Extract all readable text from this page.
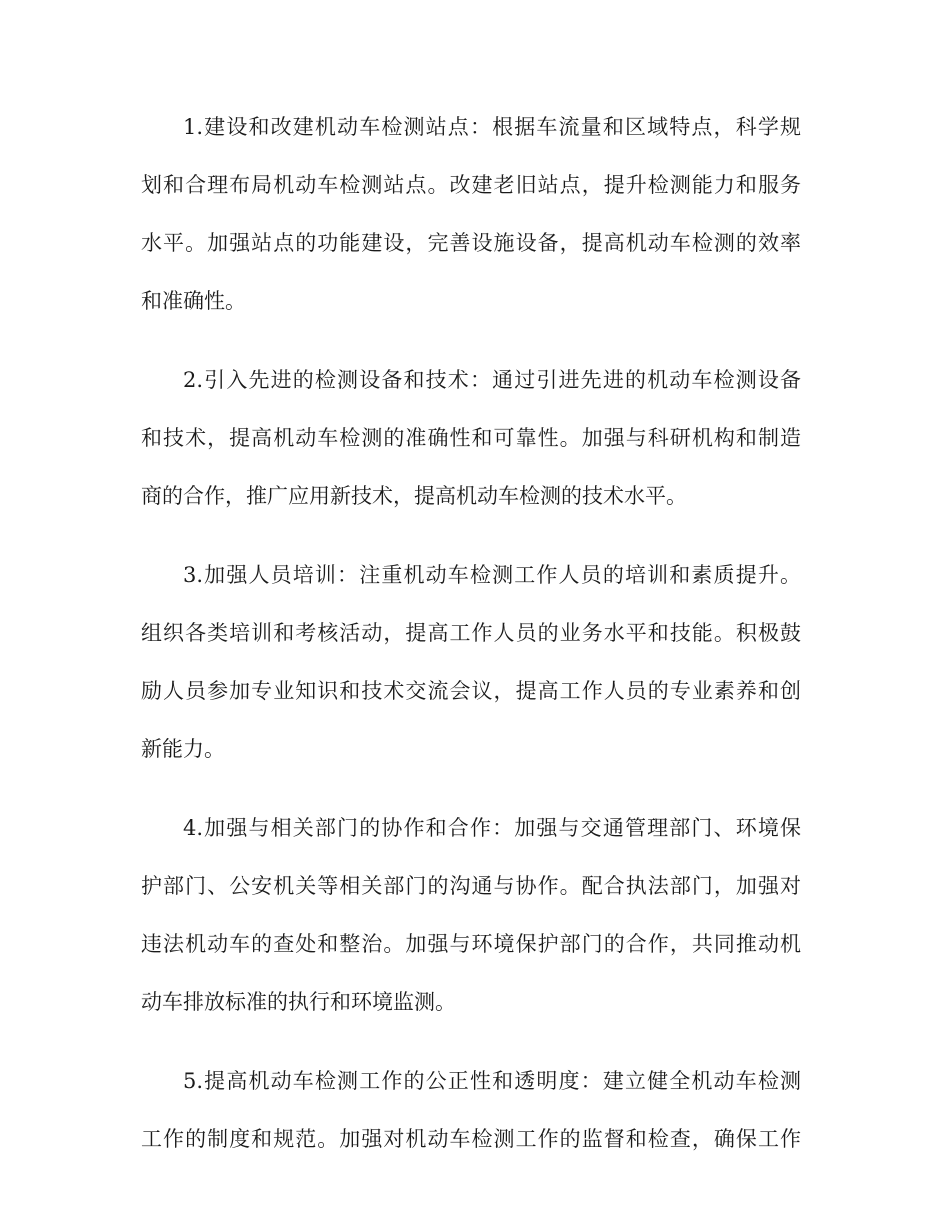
1.建设和改建机动车检测站点：根据车流量和区域特点，科学规
划和合理布局机动车检测站点。改建老旧站点，提升检测能力和服务
水平。加强站点的功能建设，完善设施设备，提高机动车检测的效率
和准确性。
2.引入先进的检测设备和技术：通过引进先进的机动车检测设备
和技术，提高机动车检测的准确性和可靠性。加强与科研机构和制造
商的合作，推广应用新技术，提高机动车检测的技术水平。
3.加强人员培训：注重机动车检测工作人员的培训和素质提升。
组织各类培训和考核活动，提高工作人员的业务水平和技能。积极鼓
励人员参加专业知识和技术交流会议，提高工作人员的专业素养和创
新能力。
4.加强与相关部门的协作和合作：加强与交通管理部门、环境保
护部门、公安机关等相关部门的沟通与协作。配合执法部门，加强对
违法机动车的查处和整治。加强与环境保护部门的合作，共同推动机
动车排放标准的执行和环境监测。
5.提高机动车检测工作的公正性和透明度：建立健全机动车检测
工作的制度和规范。加强对机动车检测工作的监督和检查，确保工作
